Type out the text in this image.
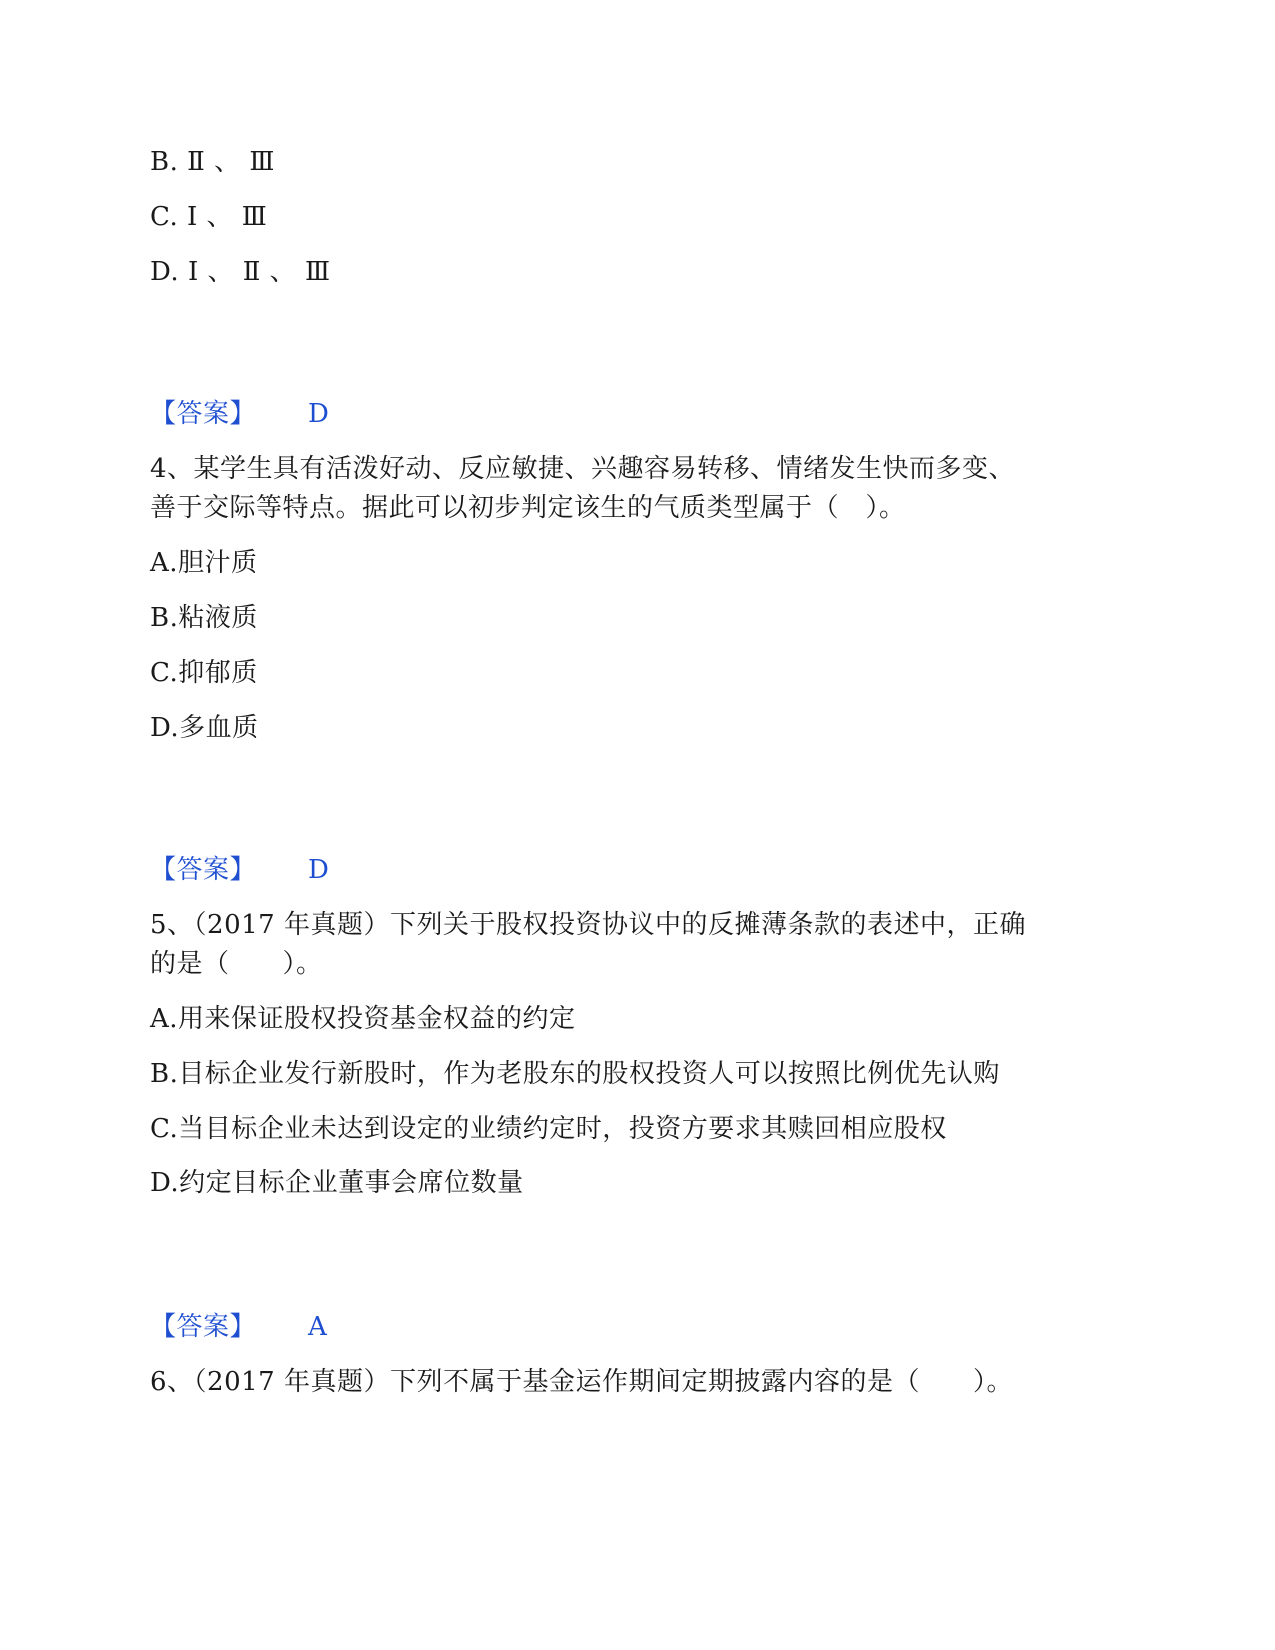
B. Ⅱ 、 Ⅲ
C. Ⅰ 、 Ⅲ
D. Ⅰ 、 Ⅱ 、 Ⅲ
【答案】 D
4、某学生具有活泼好动、反应敏捷、兴趣容易转移、情绪发生快而多变、
善于交际等特点。据此可以初步判定该生的气质类型属于（　）。
A.胆汁质
B.粘液质
C.抑郁质
D.多血质
【答案】 D
5、（2017 年真题）下列关于股权投资协议中的反摊薄条款的表述中，正确
的是（　　）。
A.用来保证股权投资基金权益的约定
B.目标企业发行新股时，作为老股东的股权投资人可以按照比例优先认购
C.当目标企业未达到设定的业绩约定时，投资方要求其赎回相应股权
D.约定目标企业董事会席位数量
【答案】 A
6、（2017 年真题）下列不属于基金运作期间定期披露内容的是（　　）。
